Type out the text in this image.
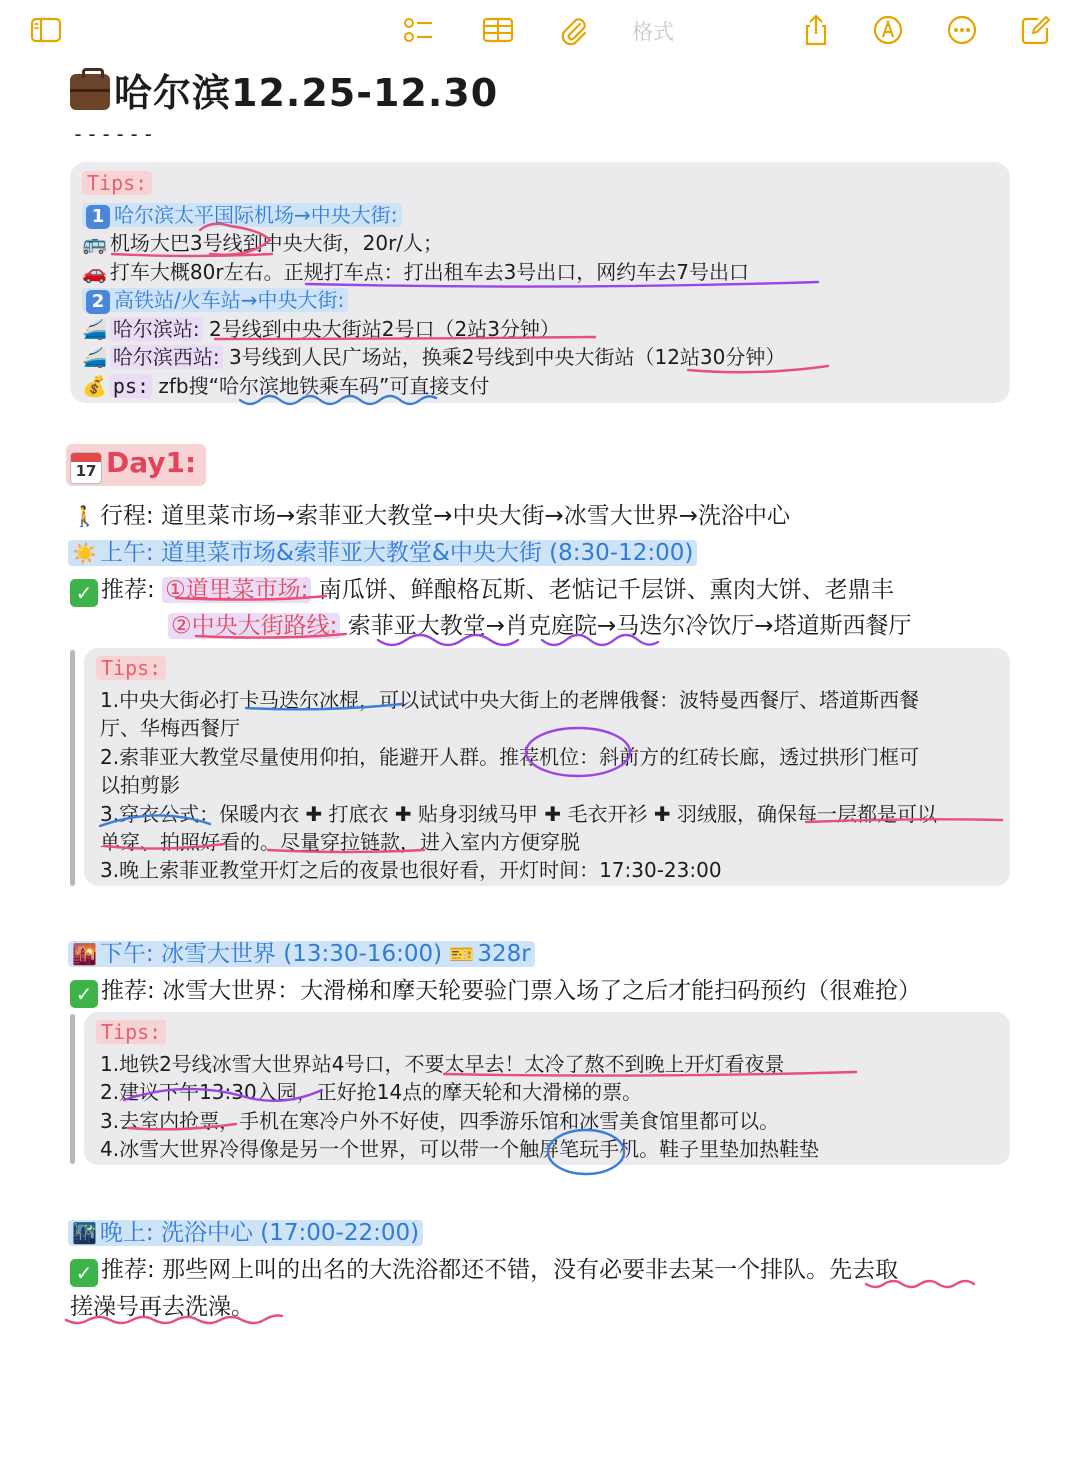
格式
哈尔滨12.25-12.30
------
Tips:
1 哈尔滨太平国际机场→中央大街:
🚌 机场大巴3号线到中央大街，20r/人；
🚗 打车大概80r左右。正规打车点：打出租车去3号出口，网约车去7号出口
2 高铁站/火车站→中央大街:
🚄 哈尔滨站: 2号线到中央大街站2号口（2站3分钟）
🚄 哈尔滨西站: 3号线到人民广场站，换乘2号线到中央大街站（12站30分钟）
💰 ps: zfb搜“哈尔滨地铁乘车码”可直接支付
17 Day1:
🚶 行程: 道里菜市场→索菲亚大教堂→中央大街→冰雪大世界→洗浴中心
☀️ 上午: 道里菜市场&索菲亚大教堂&中央大街 (8:30-12:00)
✓ 推荐: ①道里菜市场: 南瓜饼、鲜酿格瓦斯、老惦记千层饼、熏肉大饼、老鼎丰
②中央大街路线: 索菲亚大教堂→肖克庭院→马迭尔冷饮厅→塔道斯西餐厅
Tips:
1.中央大街必打卡马迭尔冰棍，可以试试中央大街上的老牌俄餐：波特曼西餐厅、塔道斯西餐
厅、华梅西餐厅
2.索菲亚大教堂尽量使用仰拍，能避开人群。推荐机位：斜前方的红砖长廊，透过拱形门框可
以拍剪影
3.穿衣公式：保暖内衣 ✚ 打底衣 ✚ 贴身羽绒马甲 ✚ 毛衣开衫 ✚ 羽绒服，确保每一层都是可以
单穿、拍照好看的。尽量穿拉链款，进入室内方便穿脱
3.晚上索菲亚教堂开灯之后的夜景也很好看，开灯时间：17:30-23:00
🌇 下午: 冰雪大世界 (13:30-16:00) 🎫 328r
✓ 推荐: 冰雪大世界：大滑梯和摩天轮要验门票入场了之后才能扫码预约（很难抢）
Tips:
1.地铁2号线冰雪大世界站4号口，不要太早去！太冷了熬不到晚上开灯看夜景
2.建议下午13:30入园，正好抢14点的摩天轮和大滑梯的票。
3.去室内抢票，手机在寒冷户外不好使，四季游乐馆和冰雪美食馆里都可以。
4.冰雪大世界冷得像是另一个世界，可以带一个触屏笔玩手机。鞋子里垫加热鞋垫
🌃 晚上: 洗浴中心 (17:00-22:00)
✓ 推荐: 那些网上叫的出名的大洗浴都还不错，没有必要非去某一个排队。先去取
搓澡号再去洗澡。
